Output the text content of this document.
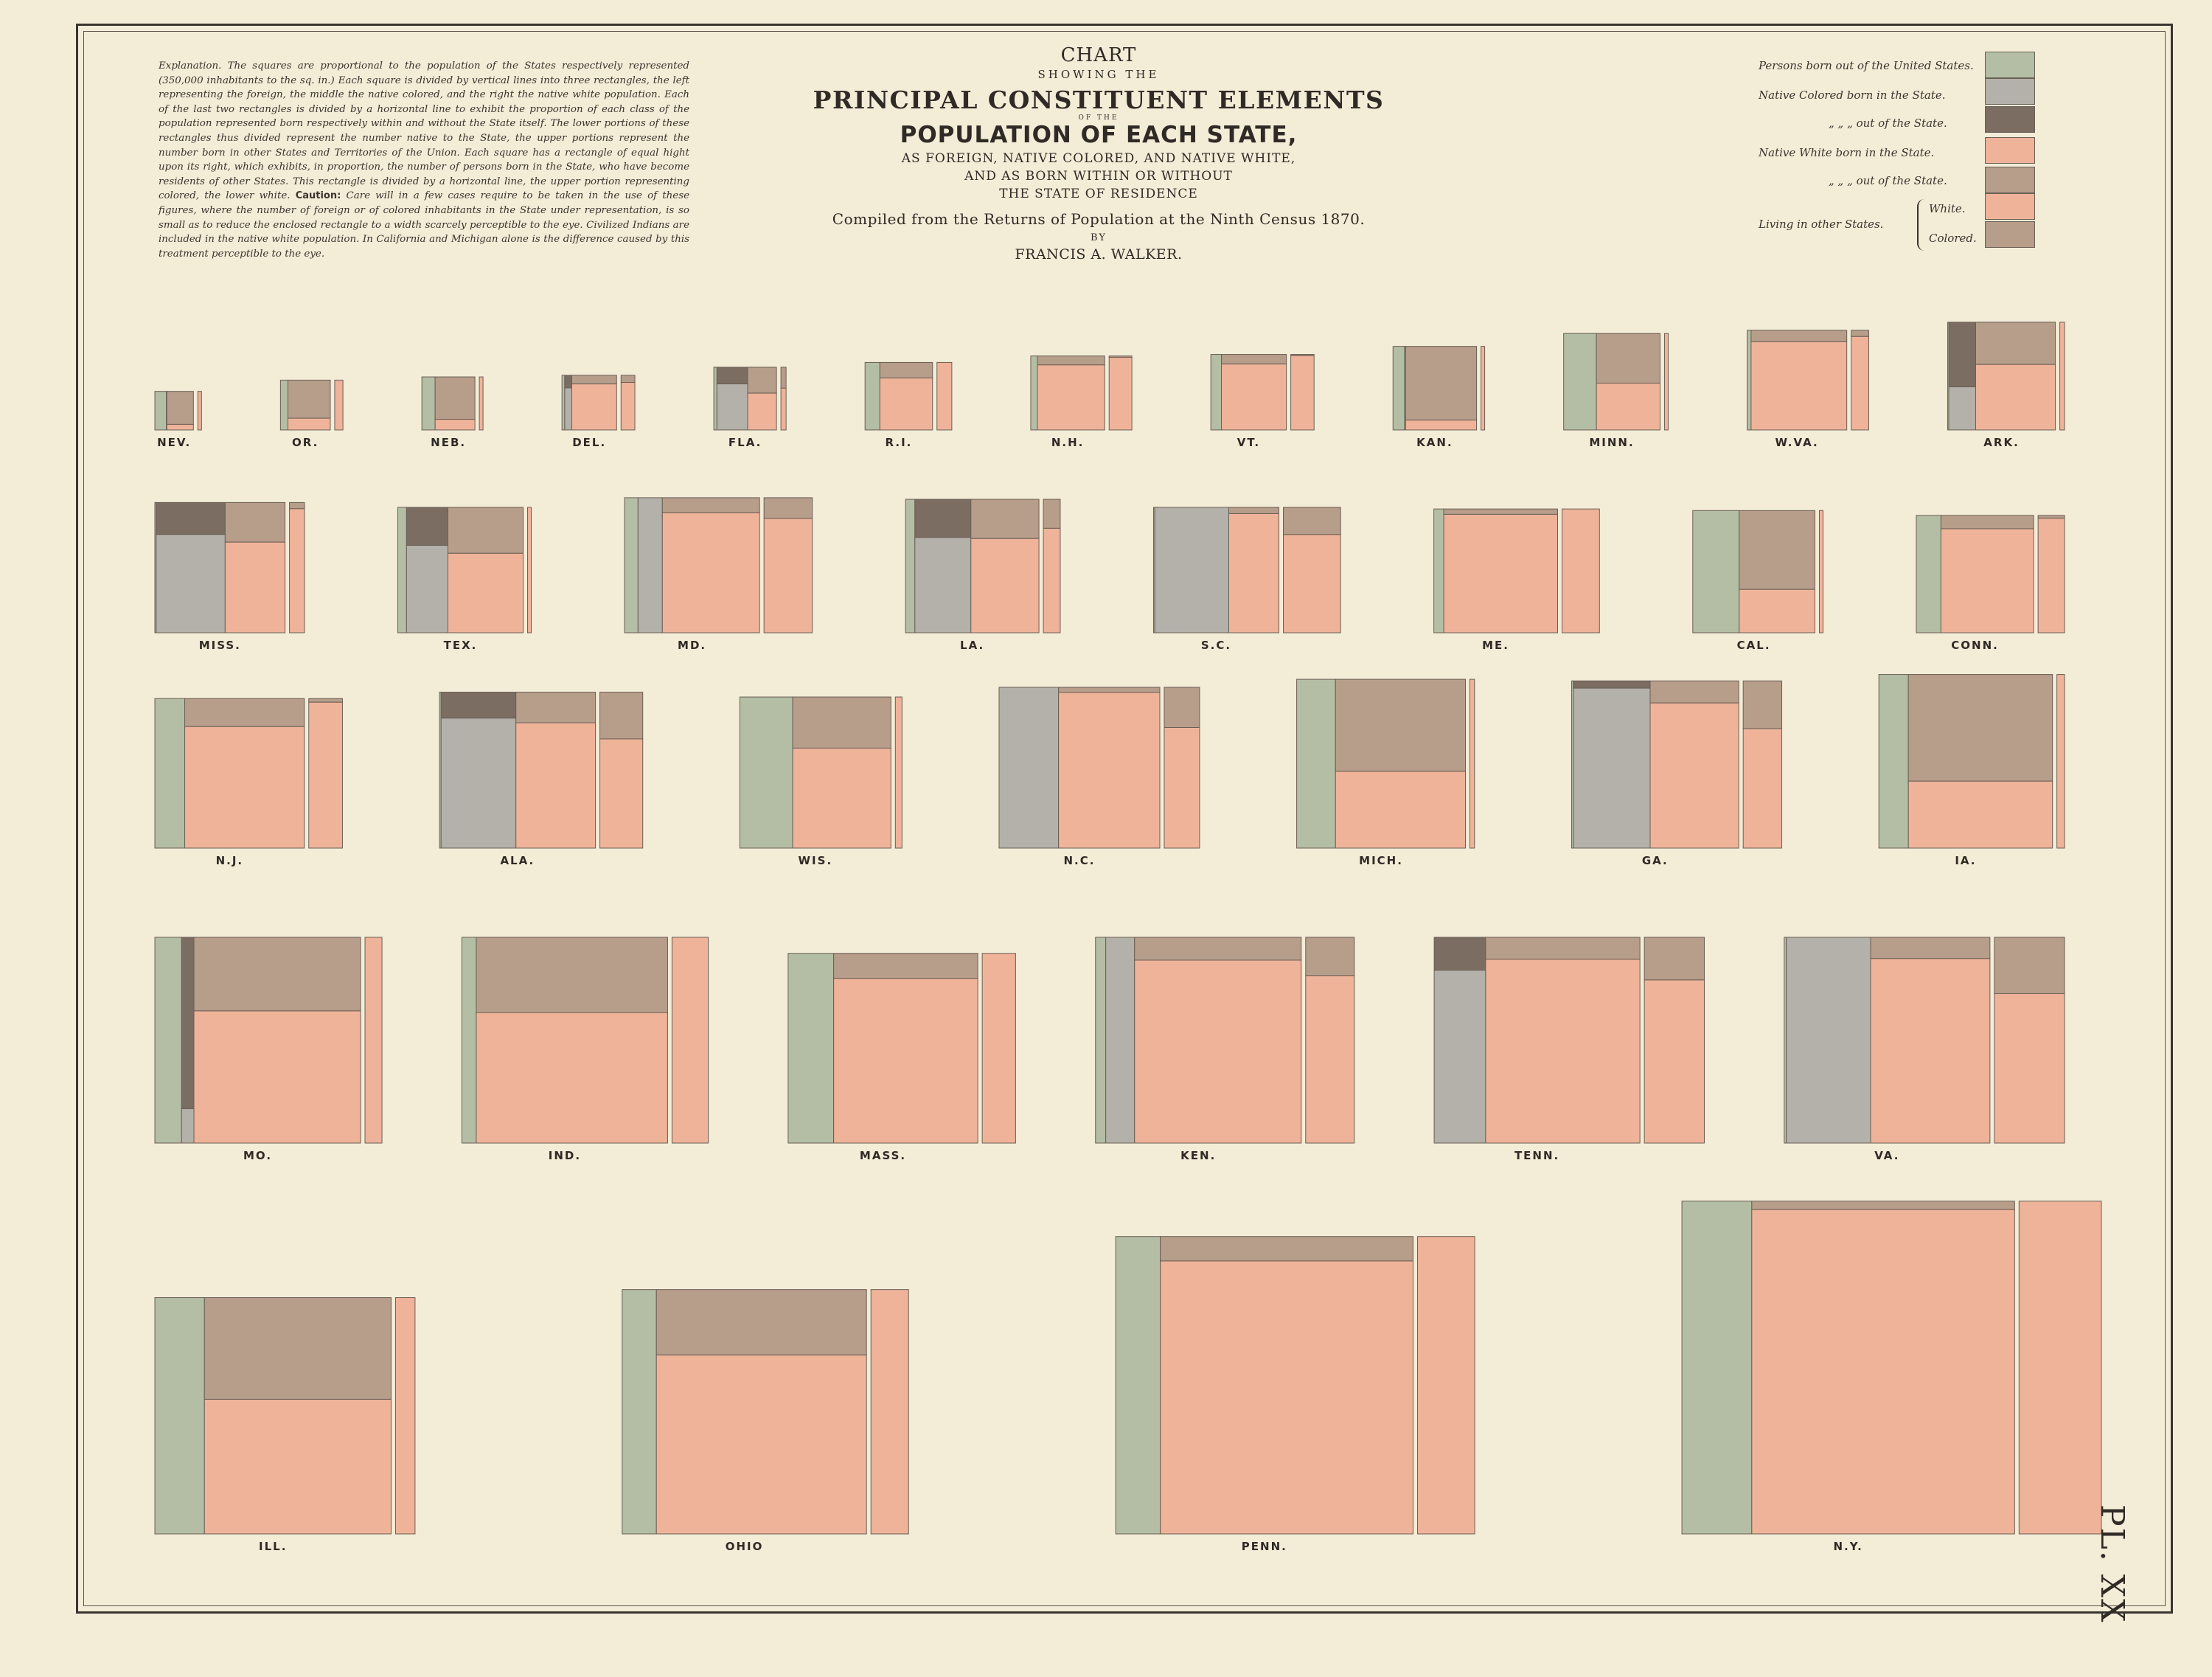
Explanation. The squares are proportional to the population of the States respectively represented (350,000 inhabitants to the sq. in.) Each square is divided by vertical lines into three rectangles, the left representing the foreign, the middle the native colored, and the right the native white population. Each of the last two rectangles is divided by a horizontal line to exhibit the proportion of each class of the population represented born respectively within and without the State itself. The lower portions of these rectangles thus divided represent the number native to the State, the upper portions represent the number born in other States and Territories of the Union. Each square has a rectangle of equal hight upon its right, which exhibits, in proportion, the number of persons born in the State, who have become residents of other States. This rectangle is divided by a horizontal line, the upper portion representing colored, the lower white. Caution: Care will in a few cases require to be taken in the use of these figures, where the number of foreign or of colored inhabitants in the State under representation, is so small as to reduce the enclosed rectangle to a width scarcely perceptible to the eye. Civilized Indians are included in the native white population. In California and Michigan alone is the difference caused by this treatment perceptible to the eye.
CHART
SHOWING THE
PRINCIPAL CONSTITUENT ELEMENTS
OF THE
POPULATION OF EACH STATE,
AS FOREIGN, NATIVE COLORED, AND NATIVE WHITE,
AND AS BORN WITHIN OR WITHOUT
THE STATE OF RESIDENCE
Compiled from the Returns of Population at the Ninth Census 1870.
BY
FRANCIS A. WALKER.
Persons born out of the United States.
Native Colored born in the State.
„ „ „ out of the State.
Native White born in the State.
„ „ „ out of the State.
Living in other States.
White.
Colored.
NEV.	OR.	NEB.	DEL.	FLA.	R.I.	N.H.	VT.	KAN.	MINN.	W.VA.	ARK.
MISS.	TEX.	MD.	LA.	S.C.	ME.	CAL.	CONN.
N.J.	ALA.	WIS.	N.C.	MICH.	GA.	IA.
MO.	IND.	MASS.	KEN.	TENN.	VA.
ILL.	OHIO	PENN.	N.Y.	PL. XX
